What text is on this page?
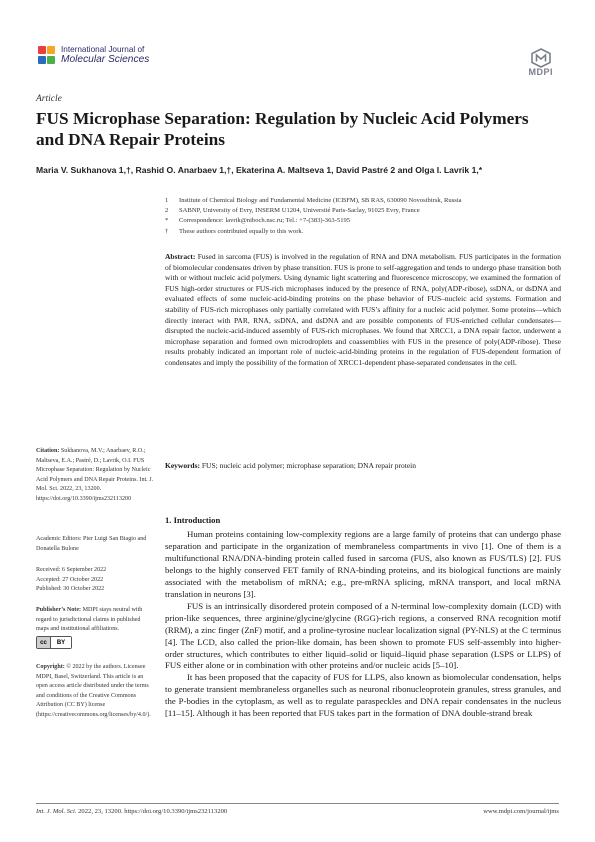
International Journal of
Molecular Sciences
MDPI
Article
FUS Microphase Separation: Regulation by Nucleic Acid Polymers and DNA Repair Proteins
Maria V. Sukhanova 1,†, Rashid O. Anarbaev 1,†, Ekaterina A. Maltseva 1, David Pastré 2 and Olga I. Lavrik 1,*
1	Institute of Chemical Biology and Fundamental Medicine (ICBFM), SB RAS, 630090 Novosibirsk, Russia
2	SABNP, University of Evry, INSERM U1204, Université Paris-Saclay, 91025 Evry, France
*	Correspondence: lavrik@niboch.nsc.ru; Tel.: +7-(383)-363-5195
†	These authors contributed equally to this work.
Abstract: Fused in sarcoma (FUS) is involved in the regulation of RNA and DNA metabolism. FUS participates in the formation of biomolecular condensates driven by phase transition. FUS is prone to self-aggregation and tends to undergo phase transition both with or without nucleic acid polymers. Using dynamic light scattering and fluorescence microscopy, we examined the formation of FUS high-order structures or FUS-rich microphases induced by the presence of RNA, poly(ADP-ribose), ssDNA, or dsDNA and evaluated effects of some nucleic-acid-binding proteins on the phase behavior of FUS–nucleic acid systems. Formation and stability of FUS-rich microphases only partially correlated with FUS’s affinity for a nucleic acid polymer. Some proteins—which directly interact with PAR, RNA, ssDNA, and dsDNA and are possible components of FUS-enriched cellular condensates—disrupted the nucleic-acid-induced assembly of FUS-rich microphases. We found that XRCC1, a DNA repair factor, underwent a microphase separation and formed own microdroplets and coassemblies with FUS in the presence of poly(ADP-ribose). These results probably indicated an important role of nucleic-acid-binding proteins in the regulation of FUS-dependent formation of condensates and imply the possibility of the formation of XRCC1-dependent phase-separated condensates in the cell.
Keywords: FUS; nucleic acid polymer; microphase separation; DNA repair protein
Citation: Sukhanova, M.V.; Anarbaev, R.O.; Maltseva, E.A.; Pastré, D.; Lavrik, O.I. FUS Microphase Separation: Regulation by Nucleic Acid Polymers and DNA Repair Proteins. Int. J. Mol. Sci. 2022, 23, 13200. https://doi.org/10.3390/ijms232113200
Academic Editors: Pier Luigi San Biagio and Donatella Bulone
Received: 6 September 2022
Accepted: 27 October 2022
Published: 30 October 2022
Publisher’s Note: MDPI stays neutral with regard to jurisdictional claims in published maps and institutional affiliations.
cc	BY
Copyright: © 2022 by the authors. Licensee MDPI, Basel, Switzerland. This article is an open access article distributed under the terms and conditions of the Creative Commons Attribution (CC BY) license (https://creativecommons.org/licenses/by/4.0/).
1. Introduction

Human proteins containing low-complexity regions are a large family of proteins that can undergo phase separation and participate in the organization of membraneless compartments in vivo [1]. One of them is a multifunctional RNA/DNA-binding protein called fused in sarcoma (FUS, also known as FUS/TLS) [2]. FUS belongs to the highly conserved FET family of RNA-binding proteins, and its biological functions are mainly associated with the metabolism of mRNA; e.g., pre-mRNA splicing, mRNA transport, and local mRNA translation in neurons [3].

FUS is an intrinsically disordered protein composed of a N-terminal low-complexity domain (LCD) with prion-like sequences, three arginine/glycine/glycine (RGG)-rich regions, a conserved RNA recognition motif (RRM), a zinc finger (ZnF) motif, and a proline-tyrosine nuclear localization signal (PY-NLS) at the C terminus [4]. The LCD, also called the prion-like domain, has been shown to promote FUS self-assembly into higher-order structures, which contributes to either liquid–solid or liquid–liquid phase separation (LSPS or LLPS) of FUS either alone or in combination with other proteins and/or nucleic acids [5–10].

It has been proposed that the capacity of FUS for LLPS, also known as biomolecular condensation, helps to generate transient membraneless organelles such as neuronal ribonucleoprotein granules, stress granules, and the P-bodies in the cytoplasm, as well as to regulate paraspeckles and DNA repair condensates in the nucleus [11–15]. Although it has been reported that FUS takes part in the formation of DNA double-strand break

Int. J. Mol. Sci. 2022, 23, 13200. https://doi.org/10.3390/ijms232113200	www.mdpi.com/journal/ijms
